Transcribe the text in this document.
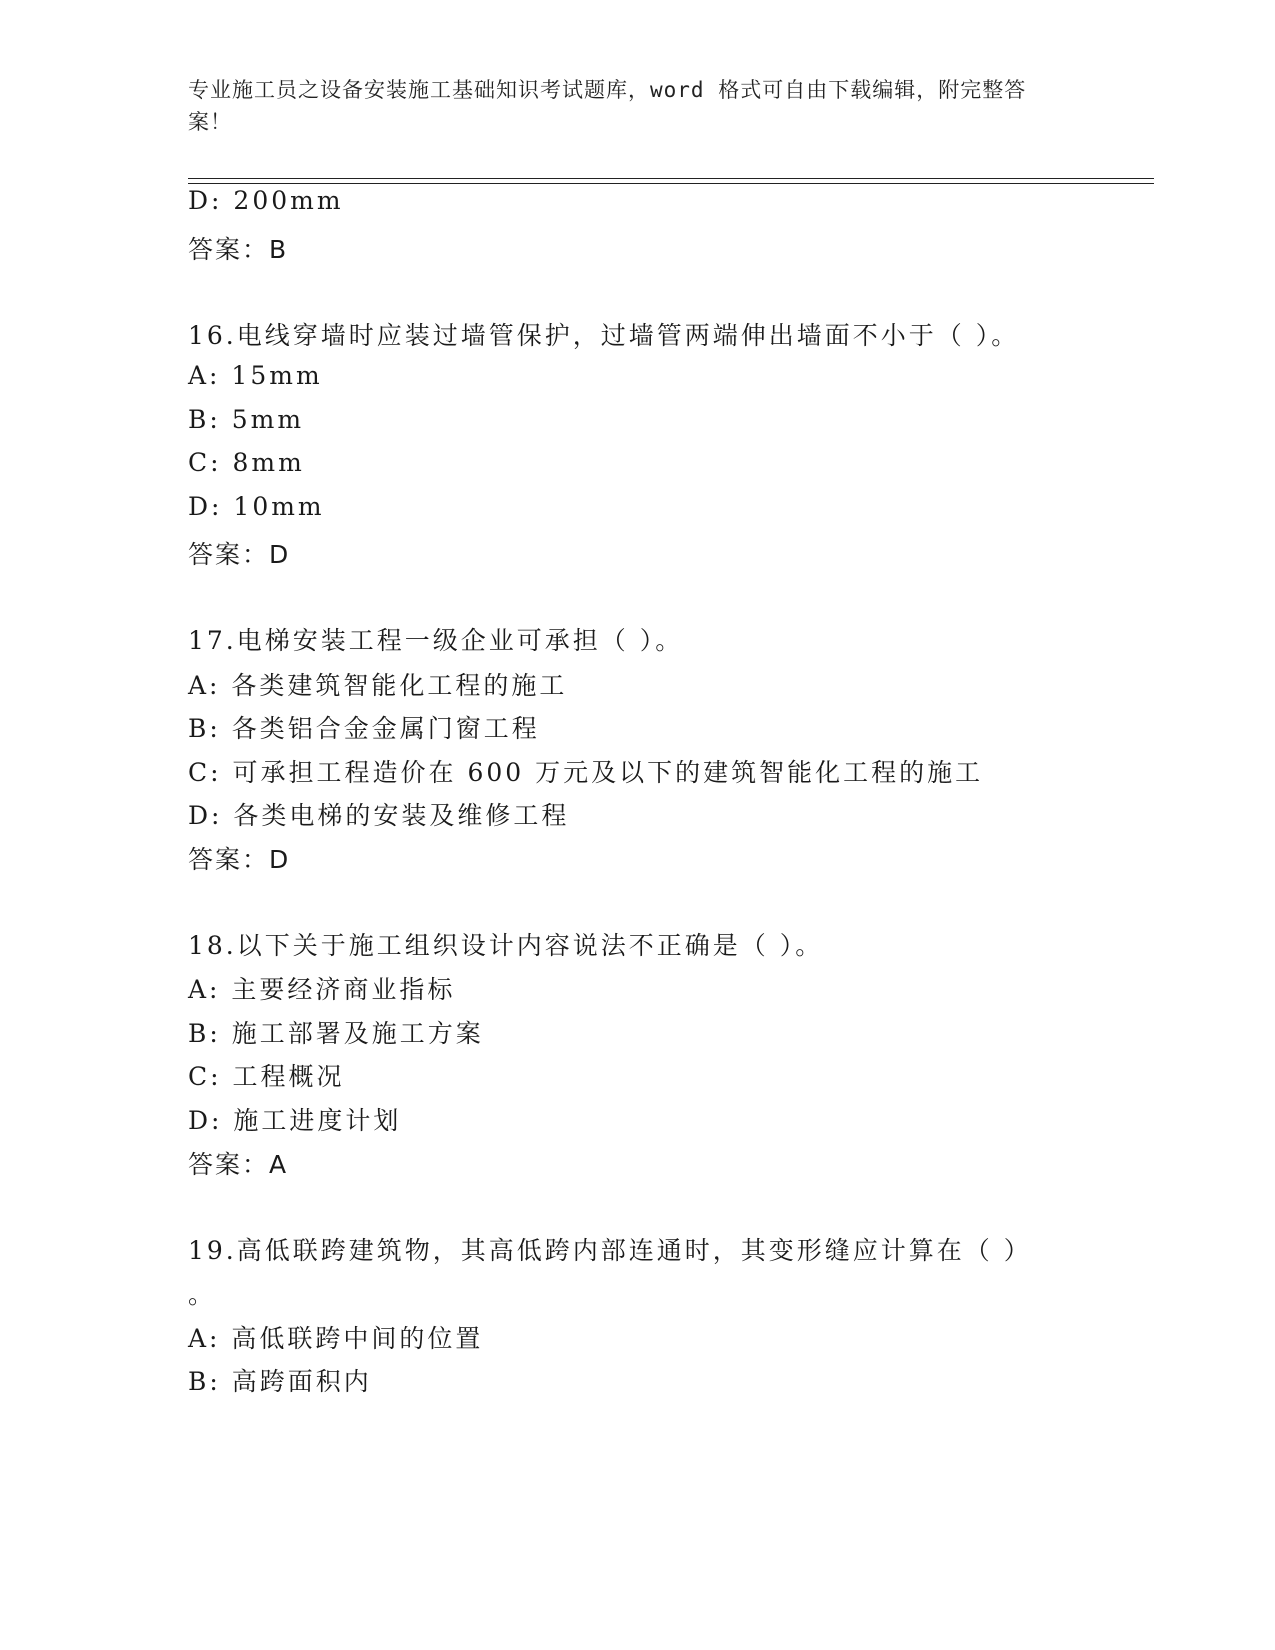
专业施工员之设备安装施工基础知识考试题库，word 格式可自由下载编辑，附完整答案！
D: 200mm
答案：B
16.电线穿墙时应装过墙管保护，过墙管两端伸出墙面不小于（ ）。
A: 15mm
B: 5mm
C: 8mm
D: 10mm
答案：D
17.电梯安装工程一级企业可承担（ ）。
A: 各类建筑智能化工程的施工
B: 各类铝合金金属门窗工程
C: 可承担工程造价在 600 万元及以下的建筑智能化工程的施工
D: 各类电梯的安装及维修工程
答案：D
18.以下关于施工组织设计内容说法不正确是（ ）。
A: 主要经济商业指标
B: 施工部署及施工方案
C: 工程概况
D: 施工进度计划
答案：A
19.高低联跨建筑物，其高低跨内部连通时，其变形缝应计算在（ ）
。
A: 高低联跨中间的位置
B: 高跨面积内
